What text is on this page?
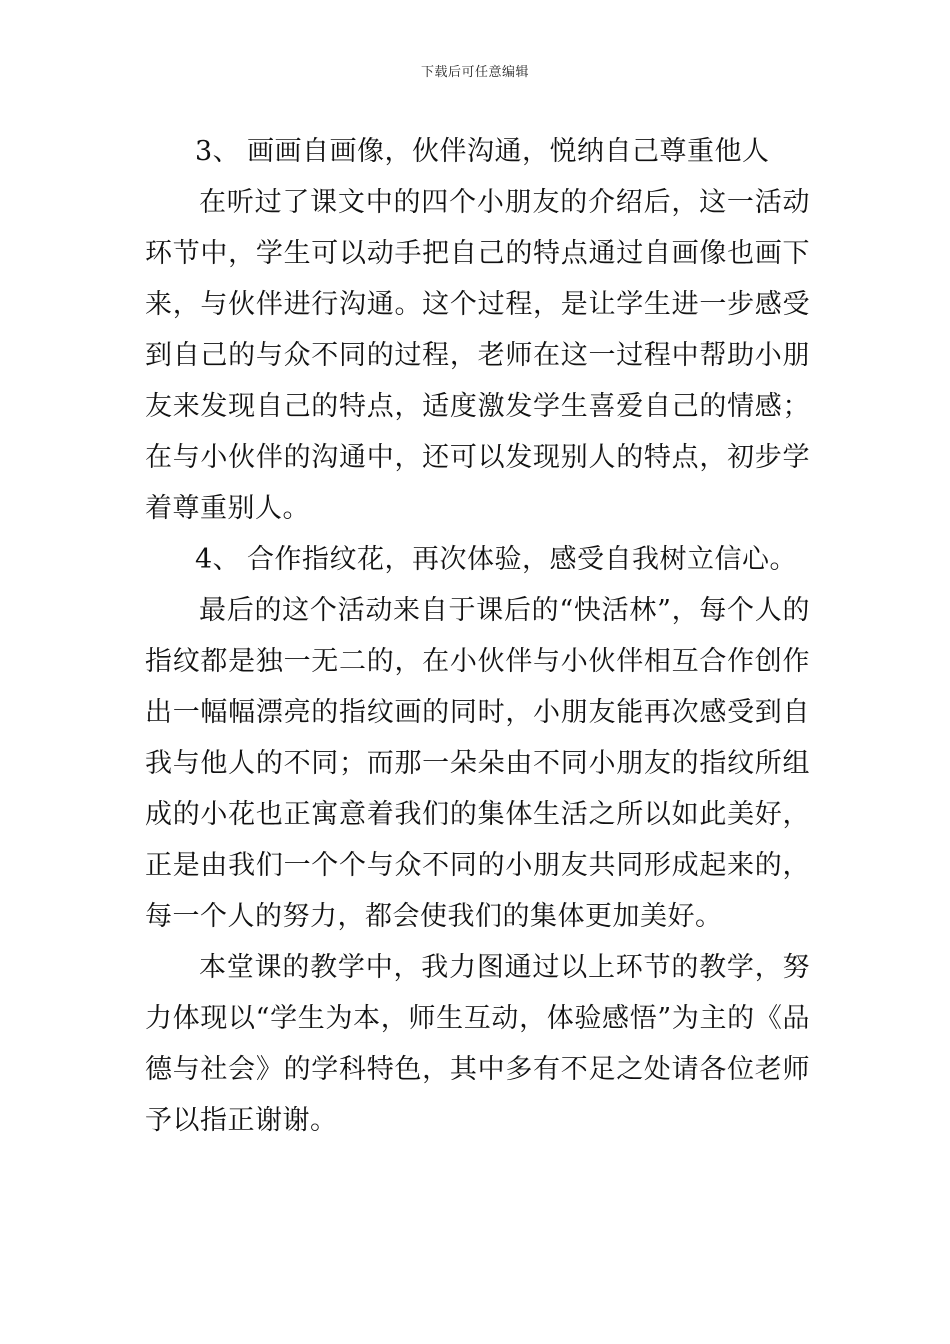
下载后可任意编辑

3、 画画自画像，伙伴沟通，悦纳自己尊重他人

在听过了课文中的四个小朋友的介绍后，这一活动环节中，学生可以动手把自己的特点通过自画像也画下来，与伙伴进行沟通。这个过程，是让学生进一步感受到自己的与众不同的过程，老师在这一过程中帮助小朋友来发现自己的特点，适度激发学生喜爱自己的情感；在与小伙伴的沟通中，还可以发现别人的特点，初步学着尊重别人。

4、 合作指纹花，再次体验，感受自我树立信心。

最后的这个活动来自于课后的“快活林”，每个人的指纹都是独一无二的，在小伙伴与小伙伴相互合作创作出一幅幅漂亮的指纹画的同时，小朋友能再次感受到自我与他人的不同；而那一朵朵由不同小朋友的指纹所组成的小花也正寓意着我们的集体生活之所以如此美好，正是由我们一个个与众不同的小朋友共同形成起来的，每一个人的努力，都会使我们的集体更加美好。

本堂课的教学中，我力图通过以上环节的教学，努力体现以“学生为本，师生互动，体验感悟”为主的《品德与社会》的学科特色，其中多有不足之处请各位老师予以指正谢谢。
